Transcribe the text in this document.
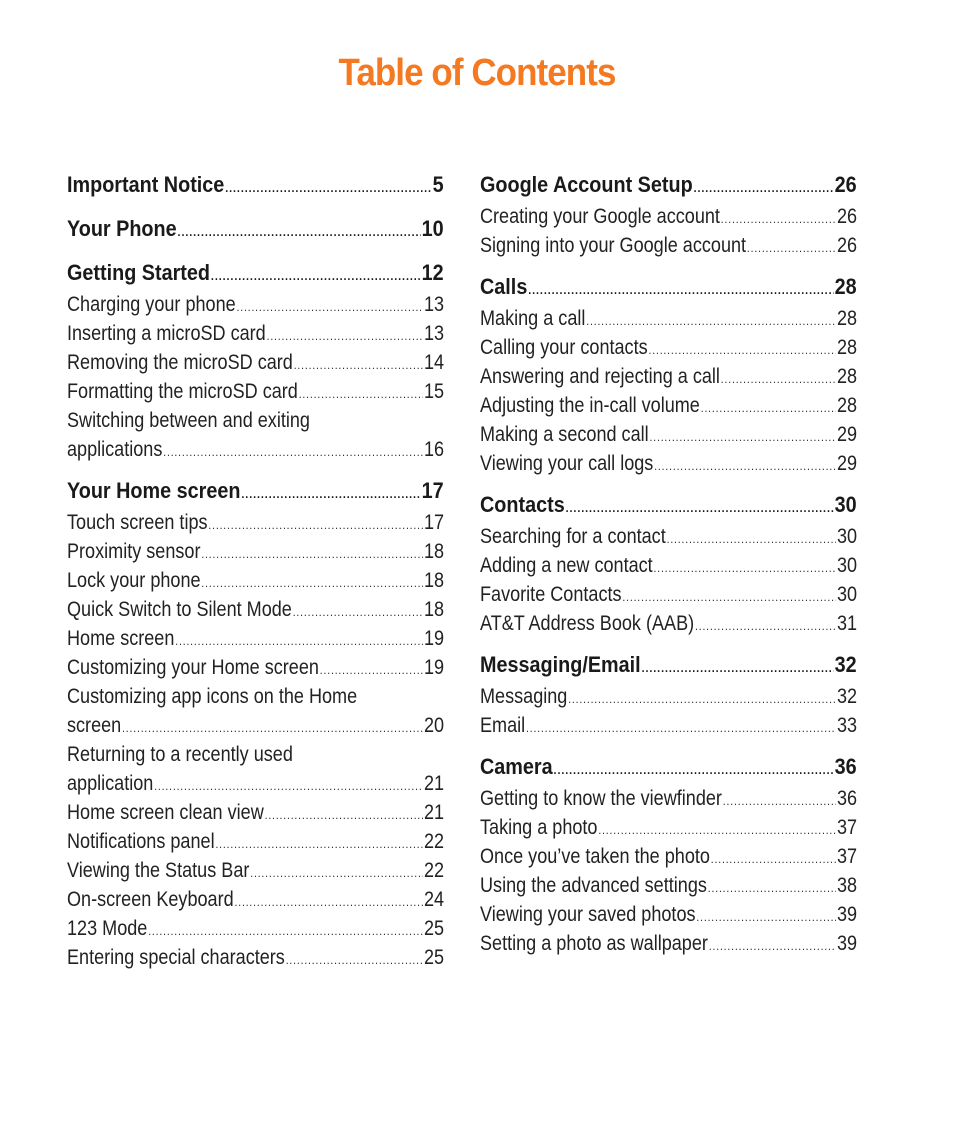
Table of Contents
Important Notice .....	5
Your Phone .....	10
Getting Started .....	12
Charging your phone .....	13
Inserting a microSD card .....	13
Removing the microSD card .....	14
Formatting the microSD card .....	15
Switching between and exiting
applications .....	16
Your Home screen .....	17
Touch screen tips .....	17
Proximity sensor .....	18
Lock your phone .....	18
Quick Switch to Silent Mode .....	18
Home screen .....	19
Customizing your Home screen .....	19
Customizing app icons on the Home
screen .....	20
Returning to a recently used
application .....	21
Home screen clean view .....	21
Notifications panel .....	22
Viewing the Status Bar .....	22
On-screen Keyboard .....	24
123 Mode .....	25
Entering special characters .....	25
Google Account Setup .....	26
Creating your Google account .....	26
Signing into your Google account .....	26
Calls .....	28
Making a call .....	28
Calling your contacts .....	28
Answering and rejecting a call .....	28
Adjusting the in-call volume .....	28
Making a second call .....	29
Viewing your call logs .....	29
Contacts .....	30
Searching for a contact .....	30
Adding a new contact .....	30
Favorite Contacts .....	30
AT&T Address Book (AAB) .....	31
Messaging/Email .....	32
Messaging .....	32
Email .....	33
Camera .....	36
Getting to know the viewfinder .....	36
Taking a photo .....	37
Once you’ve taken the photo .....	37
Using the advanced settings .....	38
Viewing your saved photos .....	39
Setting a photo as wallpaper .....	39
